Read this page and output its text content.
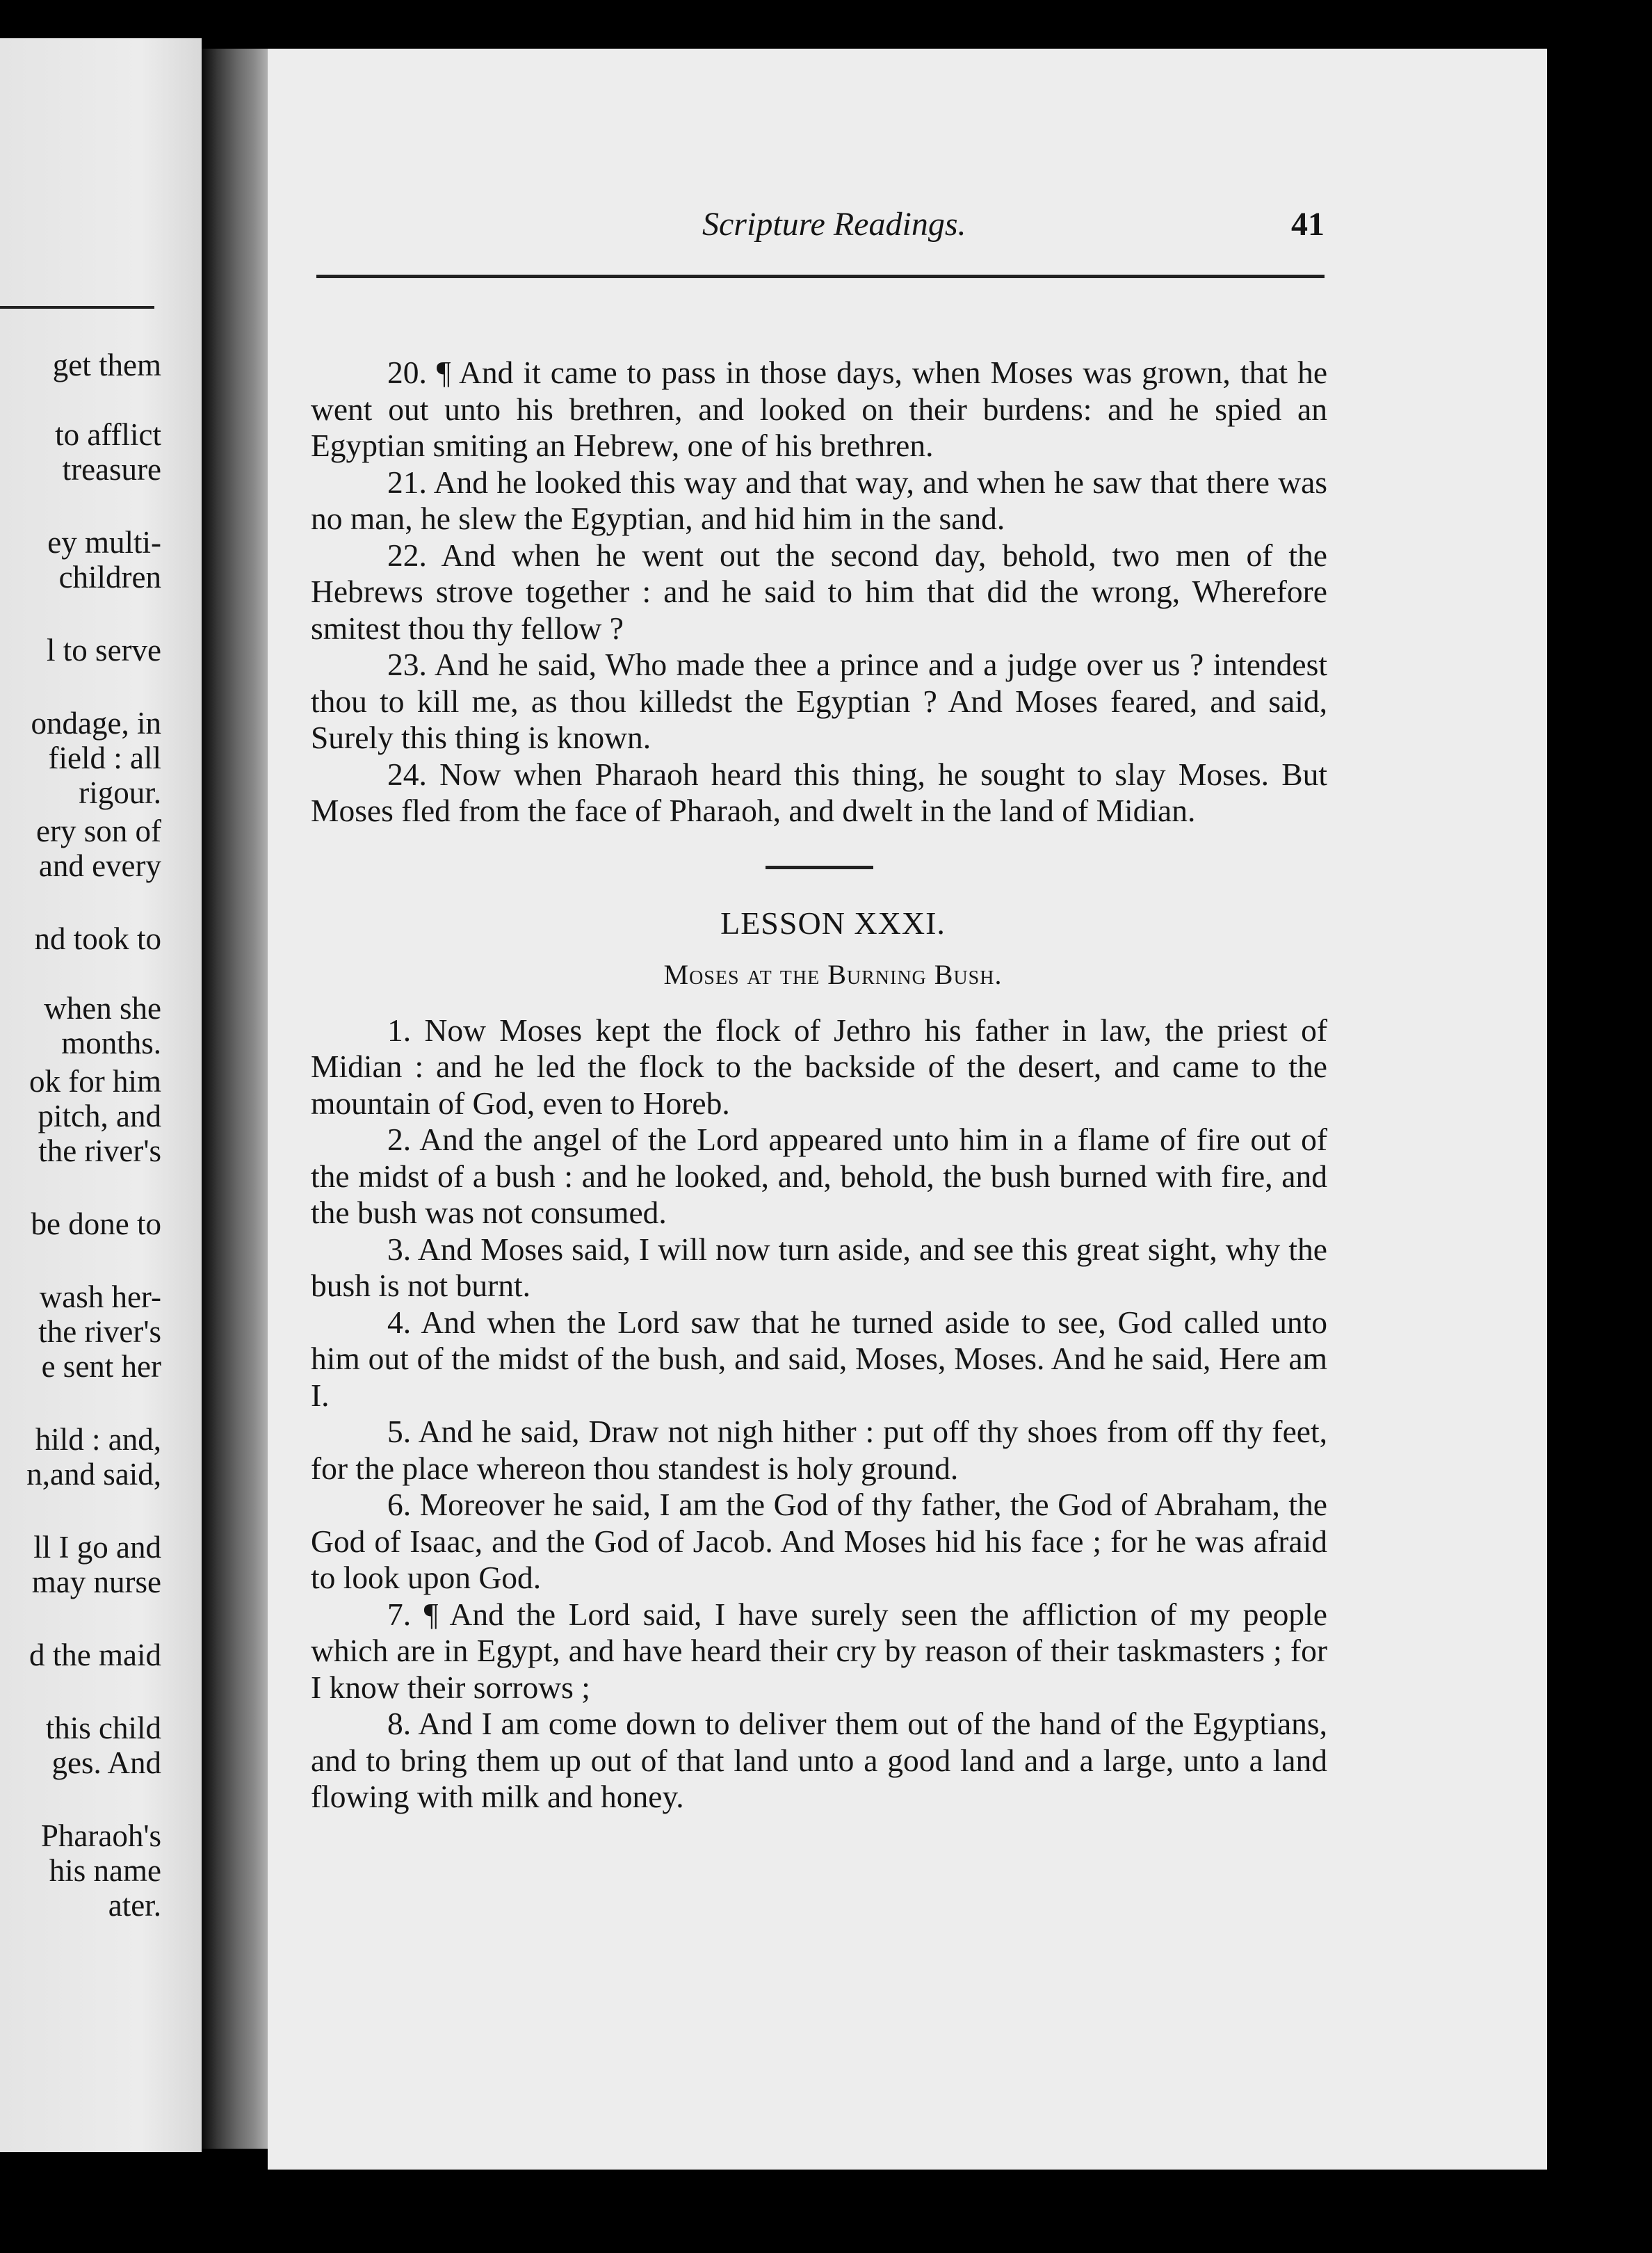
get them
to afflict
treasure
ey multi-
children
l to serve
ondage, in
field : all
rigour.
ery son of
and every
nd took to
when she
months.
ok for him
pitch, and
the river's
be done to
wash her-
the river's
e sent her
hild : and,
n,and said,
ll I go and
may nurse
d the maid
this child
ges. And
Pharaoh's
his name
ater.
Scripture Readings.	41

20. ¶ And it came to pass in those days, when Moses was grown, that he went out unto his brethren, and looked on their burdens: and he spied an Egyptian smiting an Hebrew, one of his brethren.

21. And he looked this way and that way, and when he saw that there was no man, he slew the Egyptian, and hid him in the sand.

22. And when he went out the second day, behold, two men of the Hebrews strove together : and he said to him that did the wrong, Wherefore smitest thou thy fellow ?

23. And he said, Who made thee a prince and a judge over us ? intendest thou to kill me, as thou killedst the Egyptian ? And Moses feared, and said, Surely this thing is known.

24. Now when Pharaoh heard this thing, he sought to slay Moses. But Moses fled from the face of Pharaoh, and dwelt in the land of Midian.

LESSON XXXI.

Moses at the Burning Bush.

1. Now Moses kept the flock of Jethro his father in law, the priest of Midian : and he led the flock to the backside of the desert, and came to the mountain of God, even to Horeb.

2. And the angel of the Lord appeared unto him in a flame of fire out of the midst of a bush : and he looked, and, behold, the bush burned with fire, and the bush was not consumed.

3. And Moses said, I will now turn aside, and see this great sight, why the bush is not burnt.

4. And when the Lord saw that he turned aside to see, God called unto him out of the midst of the bush, and said, Moses, Moses. And he said, Here am I.

5. And he said, Draw not nigh hither : put off thy shoes from off thy feet, for the place whereon thou standest is holy ground.

6. Moreover he said, I am the God of thy father, the God of Abraham, the God of Isaac, and the God of Jacob. And Moses hid his face ; for he was afraid to look upon God.

7. ¶ And the Lord said, I have surely seen the affliction of my people which are in Egypt, and have heard their cry by reason of their taskmasters ; for I know their sorrows ;

8. And I am come down to deliver them out of the hand of the Egyptians, and to bring them up out of that land unto a good land and a large, unto a land flowing with milk and honey.
